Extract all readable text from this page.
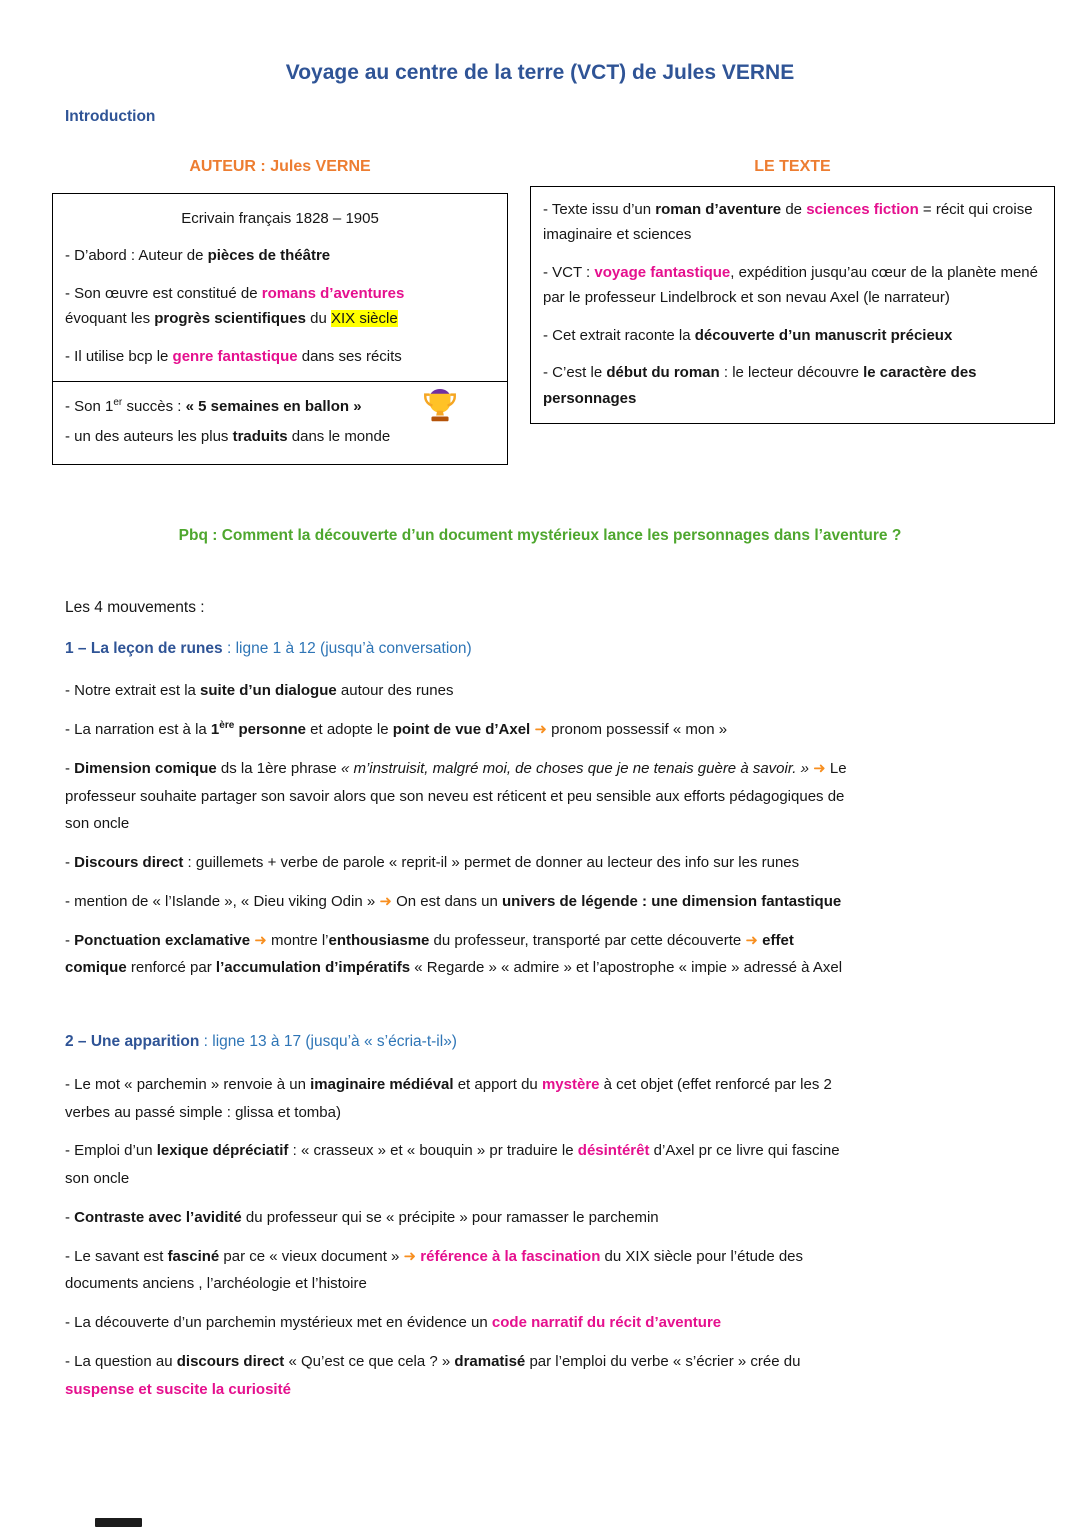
Voyage au centre de la terre (VCT) de Jules VERNE
Introduction
AUTEUR : Jules VERNE
Ecrivain français 1828 – 1905

- D’abord : Auteur de pièces de théâtre

- Son œuvre est constitué de romans d’aventures
évoquant les progrès scientifiques du XIX siècle

- Il utilise bcp le genre fantastique dans ses récits

- Son 1er succès : « 5 semaines en ballon »

- un des auteurs les plus traduits dans le monde

LE TEXTE

- Texte issu d’un roman d’aventure de sciences fiction = récit qui croise imaginaire et sciences

- VCT : voyage fantastique, expédition jusqu’au cœur de la planète mené par le professeur Lindelbrock et son nevau Axel (le narrateur)

- Cet extrait raconte la découverte d’un manuscrit précieux

- C’est le début du roman : le lecteur découvre le caractère des personnages

Pbq : Comment la découverte d’un document mystérieux lance les personnages dans l’aventure ?
Les 4 mouvements :
1 – La leçon de runes : ligne 1 à 12 (jusqu’à conversation)

- Notre extrait est la suite d’un dialogue autour des runes

- La narration est à la 1ère personne et adopte le point de vue d’Axel ➜ pronom possessif « mon »

- Dimension comique ds la 1ère phrase « m’instruisit, malgré moi, de choses que je ne tenais guère à savoir. » ➜ Le
professeur souhaite partager son savoir alors que son neveu est réticent et peu sensible aux efforts pédagogiques de
son oncle

- Discours direct : guillemets + verbe de parole « reprit-il » permet de donner au lecteur des info sur les runes

- mention de « l’Islande », « Dieu viking Odin » ➜ On est dans un univers de légende : une dimension fantastique

- Ponctuation exclamative ➜ montre l’enthousiasme du professeur, transporté par cette découverte ➜ effet
comique renforcé par l’accumulation d’impératifs « Regarde » « admire » et l’apostrophe « impie » adressé à Axel

2 – Une apparition : ligne 13 à 17 (jusqu’à « s’écria-t-il»)

- Le mot « parchemin » renvoie à un imaginaire médiéval et apport du mystère à cet objet (effet renforcé par les 2
verbes au passé simple : glissa et tomba)

- Emploi d’un lexique dépréciatif : « crasseux » et « bouquin » pr traduire le désintérêt d’Axel pr ce livre qui fascine
son oncle

- Contraste avec l’avidité du professeur qui se « précipite » pour ramasser le parchemin

- Le savant est fasciné par ce « vieux document » ➜ référence à la fascination du XIX siècle pour l’étude des
documents anciens , l’archéologie et l’histoire

- La découverte d’un parchemin mystérieux met en évidence un code narratif du récit d’aventure

- La question au discours direct « Qu’est ce que cela ? » dramatisé par l’emploi du verbe « s’écrier » crée du
suspense et suscite la curiosité
